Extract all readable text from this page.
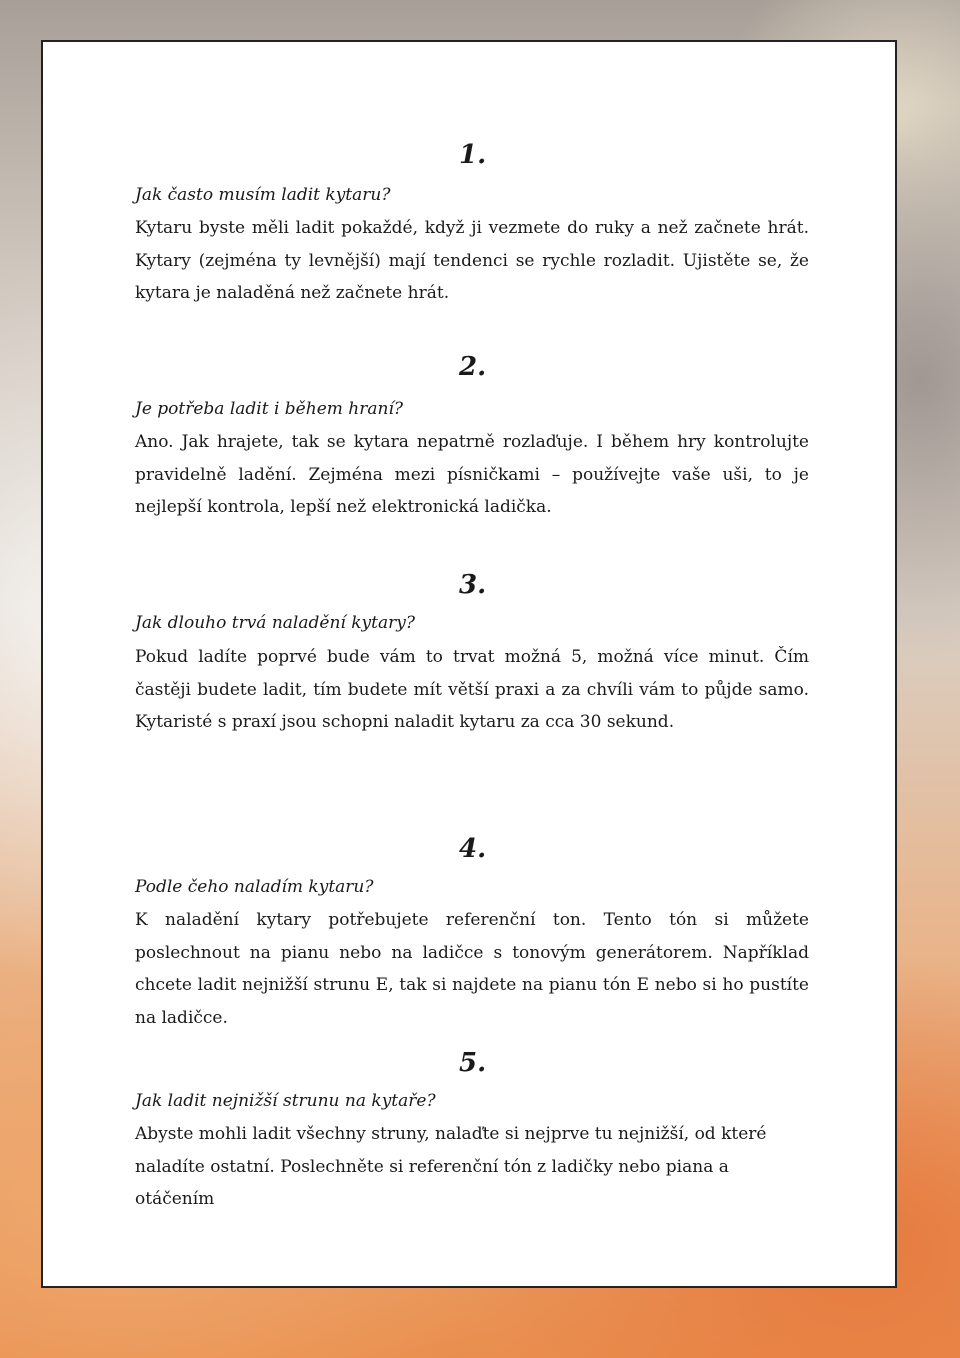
1.
Jak často musím ladit kytaru?

Kytaru byste měli ladit pokaždé, když ji vezmete do ruky a než začnete hrát. Kytary (zejména ty levnější) mají tendenci se rychle rozladit. Ujistěte se, že kytara je naladěná než začnete hrát.

2.
Je potřeba ladit i během hraní?

Ano. Jak hrajete, tak se kytara nepatrně rozlaďuje. I během hry kontrolujte pravidelně ladění. Zejména mezi písničkami – používejte vaše uši, to je nejlepší kontrola, lepší než elektronická ladička.

3.
Jak dlouho trvá naladění kytary?

Pokud ladíte poprvé bude vám to trvat možná 5, možná více minut. Čím častěji budete ladit, tím budete mít větší praxi a za chvíli vám to půjde samo. Kytaristé s praxí jsou schopni naladit kytaru za cca 30 sekund.

4.
Podle čeho naladím kytaru?

K naladění kytary potřebujete referenční ton. Tento tón si můžete poslechnout na pianu nebo na ladičce s tonovým generátorem. Například chcete ladit nejnižší strunu E, tak si najdete na pianu tón E nebo si ho pustíte na ladičce.

5.
Jak ladit nejnižší strunu na kytaře?

Abyste mohli ladit všechny struny, nalaďte si nejprve tu nejnižší, od které naladíte ostatní. Poslechněte si referenční tón z ladičky nebo piana a otáčením
